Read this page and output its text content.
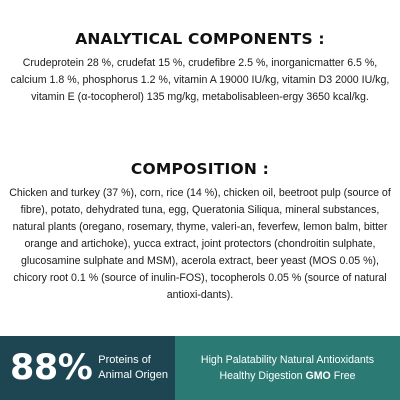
ANALYTICAL COMPONENTS :

Crudeprotein 28 %, crudefat 15 %, crudefibre 2.5 %, inorganicmatter 6.5 %, calcium 1.8 %, phosphorus 1.2 %, vitamin A 19000 IU/kg, vitamin D3 2000 IU/kg, vitamin E (α-tocopherol) 135 mg/kg, metabolisableen-ergy 3650 kcal/kg.

COMPOSITION :

Chicken and turkey (37 %), corn, rice (14 %), chicken oil, beetroot pulp (source of fibre), potato, dehydrated tuna, egg, Queratonia Siliqua, mineral substances, natural plants (oregano, rosemary, thyme, valeri-an, feverfew, lemon balm, bitter orange and artichoke), yucca extract, joint protectors (chondroitin sulphate, glucosamine sulphate and MSM), acerola extract, beer yeast (MOS 0.05 %), chicory root 0.1 % (source of inulin-FOS), tocopherols 0.05 % (source of natural antioxi-dants).

88% Proteins of
Animal Origen
High Palatability Natural Antioxidants
Healthy Digestion GMO Free
